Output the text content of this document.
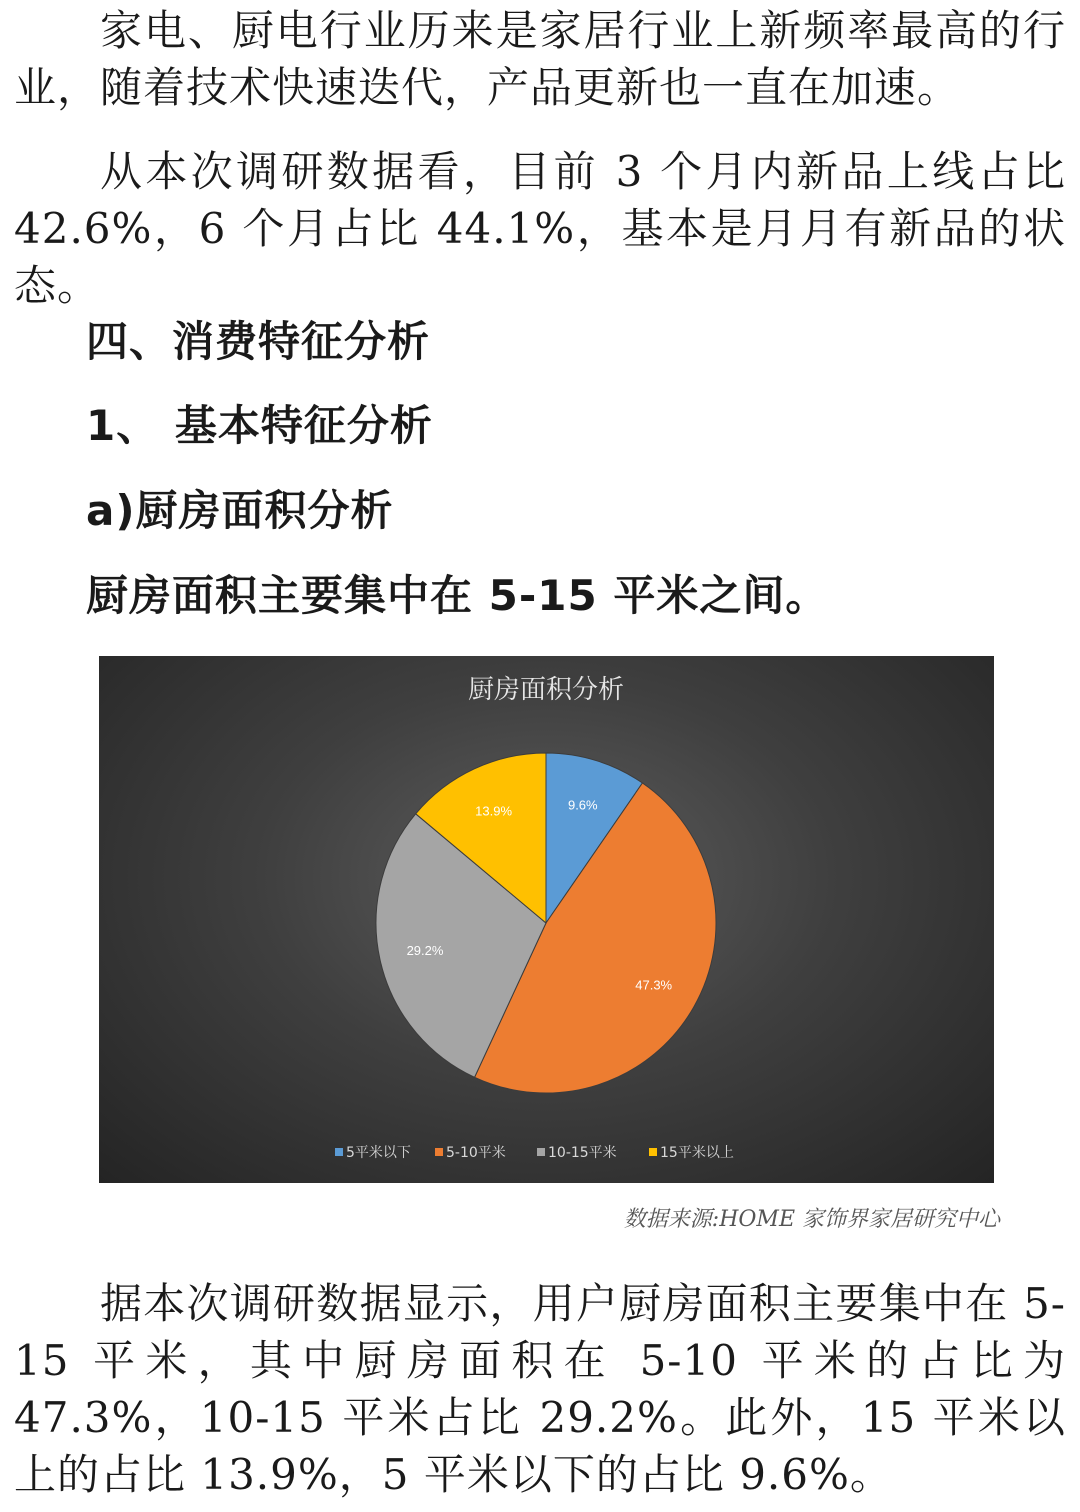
家电、厨电行业历来是家居行业上新频率最高的行业，随着技术快速迭代，产品更新也一直在加速。

从本次调研数据看，目前 3 个月内新品上线占比42.6%，6 个月占比 44.1%，基本是月月有新品的状态。

四、消费特征分析
1、 基本特征分析
a)厨房面积分析

厨房面积主要集中在 5-15 平米之间。

厨房面积分析
9.6%
47.3%
29.2%
13.9%
5平米以下	5-10平米	10-15平米	15平米以上

数据来源:HOME 家饰界家居研究中心

据本次调研数据显示，用户厨房面积主要集中在 5-15 平米，其中厨房面积在 5-10 平米的占比为 47.3%，10-15 平米占比 29.2%。此外，15 平米以上的占比 13.9%，5 平米以下的占比 9.6%。
